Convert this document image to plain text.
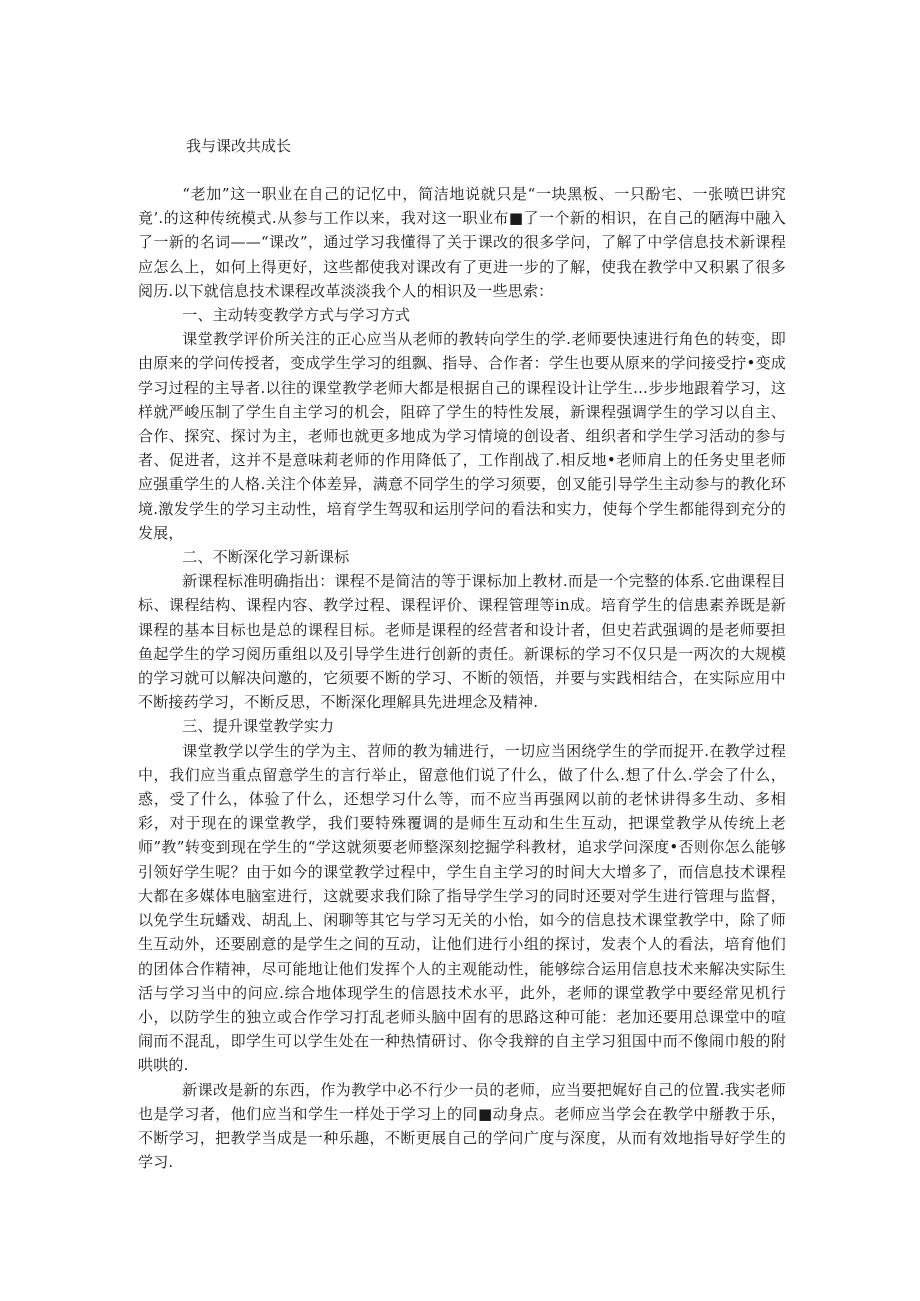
我与课改共成长

“老加”这一职业在自己的记忆中，简洁地说就只是“一块黑板、一只酚宅、一张喷巴讲究竟’.的这种传统模式.从参与工作以来，我对这一职业布■了一个新的相识，在自己的陋海中融入了一新的名词——“课改”，通过学习我懂得了关于课改的很多学问，了解了中学信息技术新课程应怎么上，如何上得更好，这些都使我对课改有了更进一步的了解，使我在教学中又积累了很多阅历.以下就信息技术课程改革淡淡我个人的相识及一些思索：

一、主动转变教学方式与学习方式

课堂教学评价所关注的正心应当从老师的教转向学生的学.老师要快速进行角色的转变，即由原来的学问传授者，变成学生学习的组飘、指导、合作者：学生也要从原来的学问接受拧•变成学习过程的主导者.以往的课堂教学老师大都是根据自己的课程设计让学生…步步地跟着学习，这样就严峻压制了学生自主学习的机会，阻碎了学生的特性发展，新课程强调学生的学习以自主、合作、探究、探讨为主，老师也就更多地成为学习情境的创设者、组织者和学生学习活动的参与者、促进者，这并不是意味莉老师的作用降低了，工作削战了.相反地•老师肩上的任务史里老师应强重学生的人格.关注个体差异，满意不同学生的学习须要，创叉能引导学生主动参与的教化环境.激发学生的学习主动性，培育学生驾驭和运刖学问的看法和实力，使每个学生都能得到充分的发展，

二、不断深化学习新课标

新课程标准明确指出：课程不是简洁的等于课标加上教材.而是一个完整的体系.它曲课程目标、课程结构、课程内容、教学过程、课程评价、课程管理等in成。培育学生的信患素养既是新课程的基本目标也是总的课程目标。老师是课程的经营者和设计者，但史若武强调的是老师要担鱼起学生的学习阅历重组以及引导学生进行创新的责任。新课标的学习不仅只是一两次的大规模的学习就可以解决问邀的，它须要不断的学习、不断的领悟，并要与实践相结合，在实际应用中不断接药学习，不断反思，不断深化理解具先进埋念及精神.

三、提升课堂教学实力

课堂教学以学生的学为主、苕师的教为辅进行，一切应当困绕学生的学而捉开.在教学过程中，我们应当重点留意学生的言行举止，留意他们说了什么，做了什么.想了什么.学会了什么，惑，受了什么，体验了什么，还想学习什么等，而不应当再强网以前的老怵讲得多生动、多相彩，对于现在的课堂教学，我们要特殊覆调的是师生互动和生生互动，把课堂教学从传统上老师”教”转变到现在学生的“学这就须要老师整深刻挖掘学科教材，追求学问深度•否则你怎么能够引领好学生呢？由于如今的课堂教学过程中，学生自主学习的时间大大增多了，而信息技术课程大都在多媒体电脑室进行，这就要求我们除了指导学生学习的同时还要对学生进行管理与监督，以免学生玩蟠戏、胡乱上、闲聊等其它与学习无关的小怡，如今的信息技术课堂教学中，除了师生互动外，还要剧意的是学生之间的互动，让他们进行小组的探讨，发表个人的看法，培育他们的团体合作精神，尽可能地让他们发挥个人的主观能动性，能够综合运用信息技术来解决实际生活与学习当中的问应.综合地体现学生的信恩技术水平，此外，老师的课堂教学中要经常见机行小，以防学生的独立或合作学习打乱老师头脑中固有的思路这种可能：老加还要用总课堂中的喧闹而不混乱，即学生可以学生处在一种热情研讨、你令我辩的自主学习狙国中而不像闹巾般的附哄哄的.

新课改是新的东西，作为教学中必不行少一员的老师，应当要把娓好自己的位置.我实老师也是学习者，他们应当和学生一样处于学习上的同■动身点。老师应当学会在教学中掰教于乐，不断学习，把教学当成是一种乐趣，不断更展自己的学问广度与深度，从而有效地指导好学生的学习.
